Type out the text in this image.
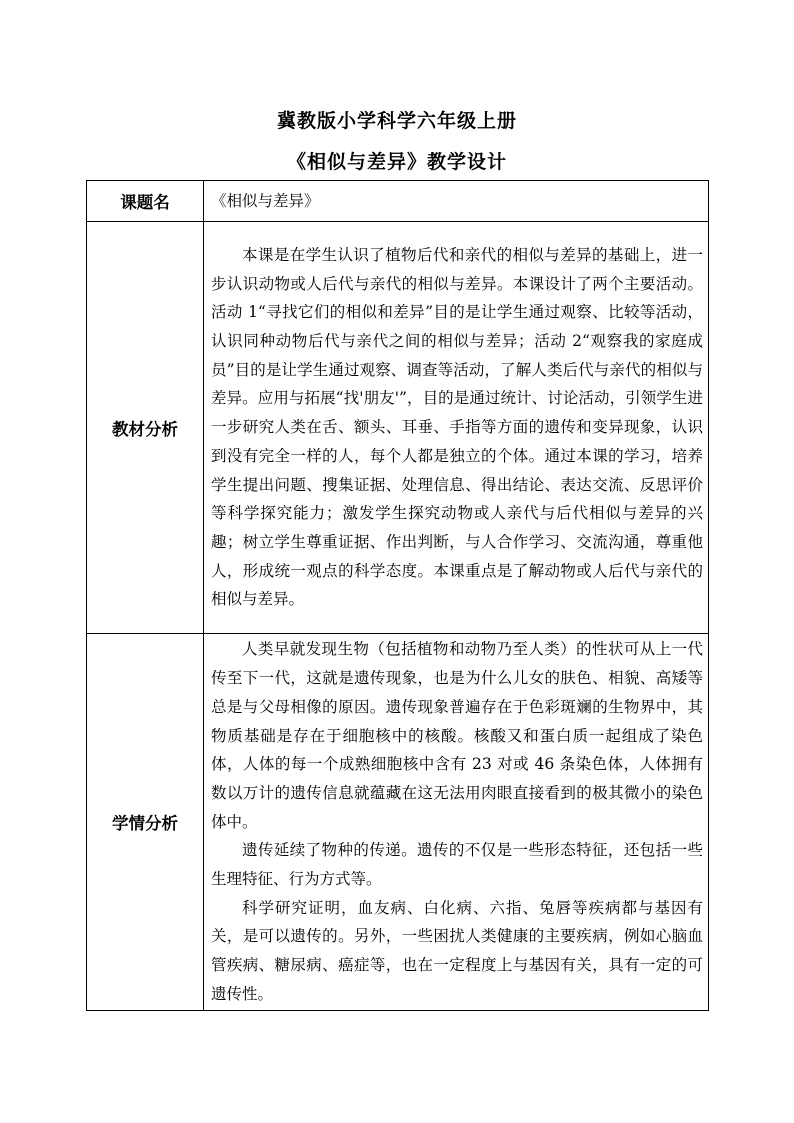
冀教版小学科学六年级上册
《相似与差异》教学设计
课题名	《相似与差异》

教材分析	本课是在学生认识了植物后代和亲代的相似与差异的基础上，进一步认识动物或人后代与亲代的相似与差异。本课设计了两个主要活动。活动 1“寻找它们的相似和差异”目的是让学生通过观察、比较等活动，认识同种动物后代与亲代之间的相似与差异；活动 2“观察我的家庭成员”目的是让学生通过观察、调查等活动，了解人类后代与亲代的相似与差异。应用与拓展“找'朋友'”，目的是通过统计、讨论活动，引领学生进一步研究人类在舌、额头、耳垂、手指等方面的遗传和变异现象，认识到没有完全一样的人，每个人都是独立的个体。通过本课的学习，培养学生提出问题、搜集证据、处理信息、得出结论、表达交流、反思评价等科学探究能力；激发学生探究动物或人亲代与后代相似与差异的兴趣；树立学生尊重证据、作出判断，与人合作学习、交流沟通，尊重他人，形成统一观点的科学态度。本课重点是了解动物或人后代与亲代的相似与差异。

学情分析	人类早就发现生物（包括植物和动物乃至人类）的性状可从上一代传至下一代，这就是遗传现象，也是为什么儿女的肤色、相貌、高矮等总是与父母相像的原因。遗传现象普遍存在于色彩斑斓的生物界中，其物质基础是存在于细胞核中的核酸。核酸又和蛋白质一起组成了染色体，人体的每一个成熟细胞核中含有 23 对或 46 条染色体，人体拥有数以万计的遗传信息就蕴藏在这无法用肉眼直接看到的极其微小的染色体中。

遗传延续了物种的传递。遗传的不仅是一些形态特征，还包括一些生理特征、行为方式等。

科学研究证明，血友病、白化病、六指、兔唇等疾病都与基因有关，是可以遗传的。另外，一些困扰人类健康的主要疾病，例如心脑血管疾病、糖尿病、癌症等，也在一定程度上与基因有关，具有一定的可遗传性。
